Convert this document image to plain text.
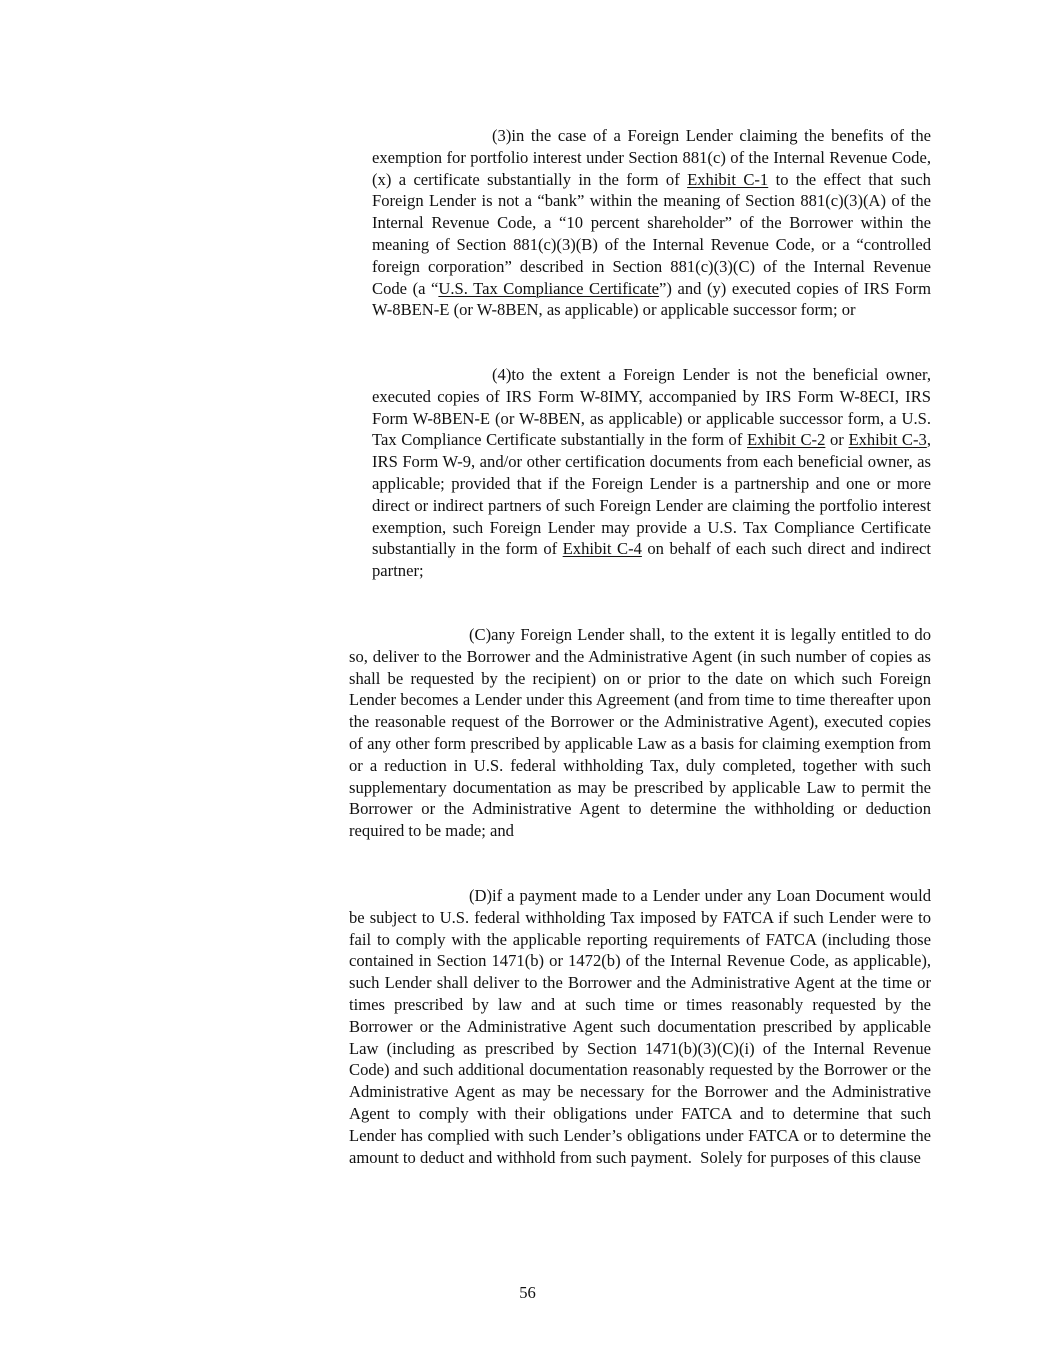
(3)in the case of a Foreign Lender claiming the benefits of the exemption for portfolio interest under Section 881(c) of the Internal Revenue Code, (x) a certificate substantially in the form of Exhibit C-1 to the effect that such Foreign Lender is not a “bank” within the meaning of Section 881(c)(3)(A) of the Internal Revenue Code, a “10 percent shareholder” of the Borrower within the meaning of Section 881(c)(3)(B) of the Internal Revenue Code, or a “controlled foreign corporation” described in Section 881(c)(3)(C) of the Internal Revenue Code (a “U.S. Tax Compliance Certificate”) and (y) executed copies of IRS Form W-8BEN-E (or W-8BEN, as applicable) or applicable successor form; or

(4)to the extent a Foreign Lender is not the beneficial owner, executed copies of IRS Form W-8IMY, accompanied by IRS Form W-8ECI, IRS Form W-8BEN-E (or W-8BEN, as applicable) or applicable successor form, a U.S. Tax Compliance Certificate substantially in the form of Exhibit C-2 or Exhibit C-3, IRS Form W-9, and/or other certification documents from each beneficial owner, as applicable; provided that if the Foreign Lender is a partnership and one or more direct or indirect partners of such Foreign Lender are claiming the portfolio interest exemption, such Foreign Lender may provide a U.S. Tax Compliance Certificate substantially in the form of Exhibit C-4 on behalf of each such direct and indirect partner;

(C)any Foreign Lender shall, to the extent it is legally entitled to do so, deliver to the Borrower and the Administrative Agent (in such number of copies as shall be requested by the recipient) on or prior to the date on which such Foreign Lender becomes a Lender under this Agreement (and from time to time thereafter upon the reasonable request of the Borrower or the Administrative Agent), executed copies of any other form prescribed by applicable Law as a basis for claiming exemption from or a reduction in U.S. federal withholding Tax, duly completed, together with such supplementary documentation as may be prescribed by applicable Law to permit the Borrower or the Administrative Agent to determine the withholding or deduction required to be made; and

(D)if a payment made to a Lender under any Loan Document would be subject to U.S. federal withholding Tax imposed by FATCA if such Lender were to fail to comply with the applicable reporting requirements of FATCA (including those contained in Section 1471(b) or 1472(b) of the Internal Revenue Code, as applicable), such Lender shall deliver to the Borrower and the Administrative Agent at the time or times prescribed by law and at such time or times reasonably requested by the Borrower or the Administrative Agent such documentation prescribed by applicable Law (including as prescribed by Section 1471(b)(3)(C)(i) of the Internal Revenue Code) and such additional documentation reasonably requested by the Borrower or the Administrative Agent as may be necessary for the Borrower and the Administrative Agent to comply with their obligations under FATCA and to determine that such Lender has complied with such Lender’s obligations under FATCA or to determine the amount to deduct and withhold from such payment.  Solely for purposes of this clause

56
